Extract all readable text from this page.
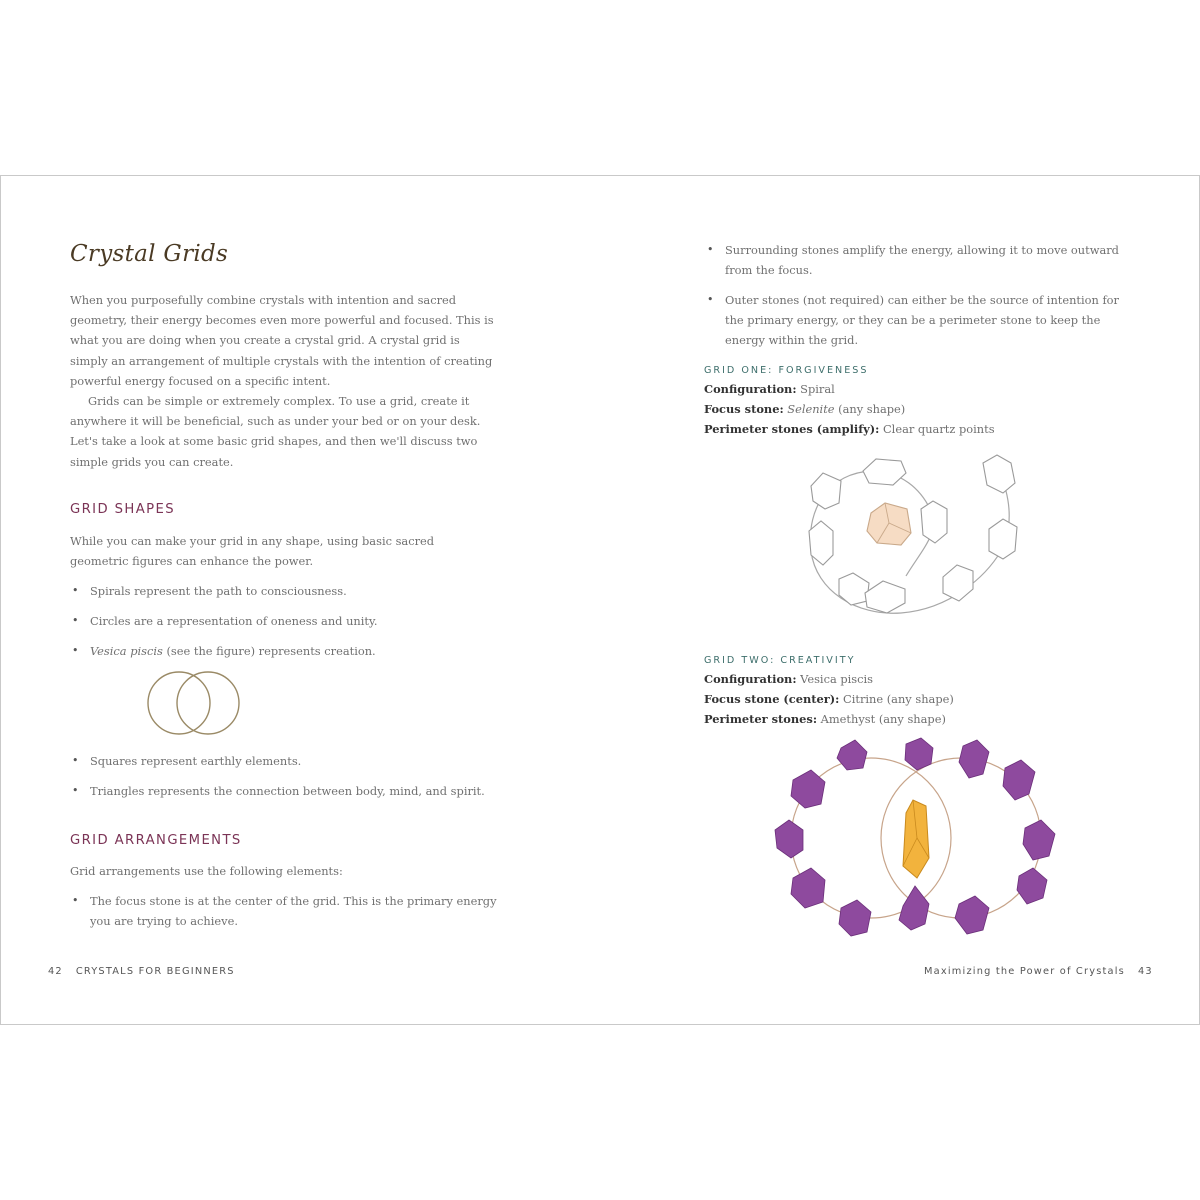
Crystal Grids

When you purposefully combine crystals with intention and sacred geometry, their energy becomes even more powerful and focused. This is what you are doing when you create a crystal grid. A crystal grid is simply an arrangement of multiple crystals with the intention of creating powerful energy focused on a specific intent.
Grids can be simple or extremely complex. To use a grid, create it anywhere it will be beneficial, such as under your bed or on your desk. Let's take a look at some basic grid shapes, and then we'll discuss two simple grids you can create.

GRID SHAPES

While you can make your grid in any shape, using basic sacred geometric figures can enhance the power.

• Spirals represent the path to consciousness.

• Circles are a representation of oneness and unity.

• Vesica piscis (see the figure) represents creation.

• Squares represent earthly elements.

• Triangles represents the connection between body, mind, and spirit.

GRID ARRANGEMENTS

Grid arrangements use the following elements:

• The focus stone is at the center of the grid. This is the primary energy you are trying to achieve.

42 CRYSTALS FOR BEGINNERS

• Surrounding stones amplify the energy, allowing it to move outward from the focus.

• Outer stones (not required) can either be the source of intention for the primary energy, or they can be a perimeter stone to keep the energy within the grid.

GRID ONE: FORGIVENESS

Configuration: Spiral

Focus stone: Selenite (any shape)

Perimeter stones (amplify): Clear quartz points

GRID TWO: CREATIVITY

Configuration: Vesica piscis

Focus stone (center): Citrine (any shape)

Perimeter stones: Amethyst (any shape)

Maximizing the Power of Crystals 43
